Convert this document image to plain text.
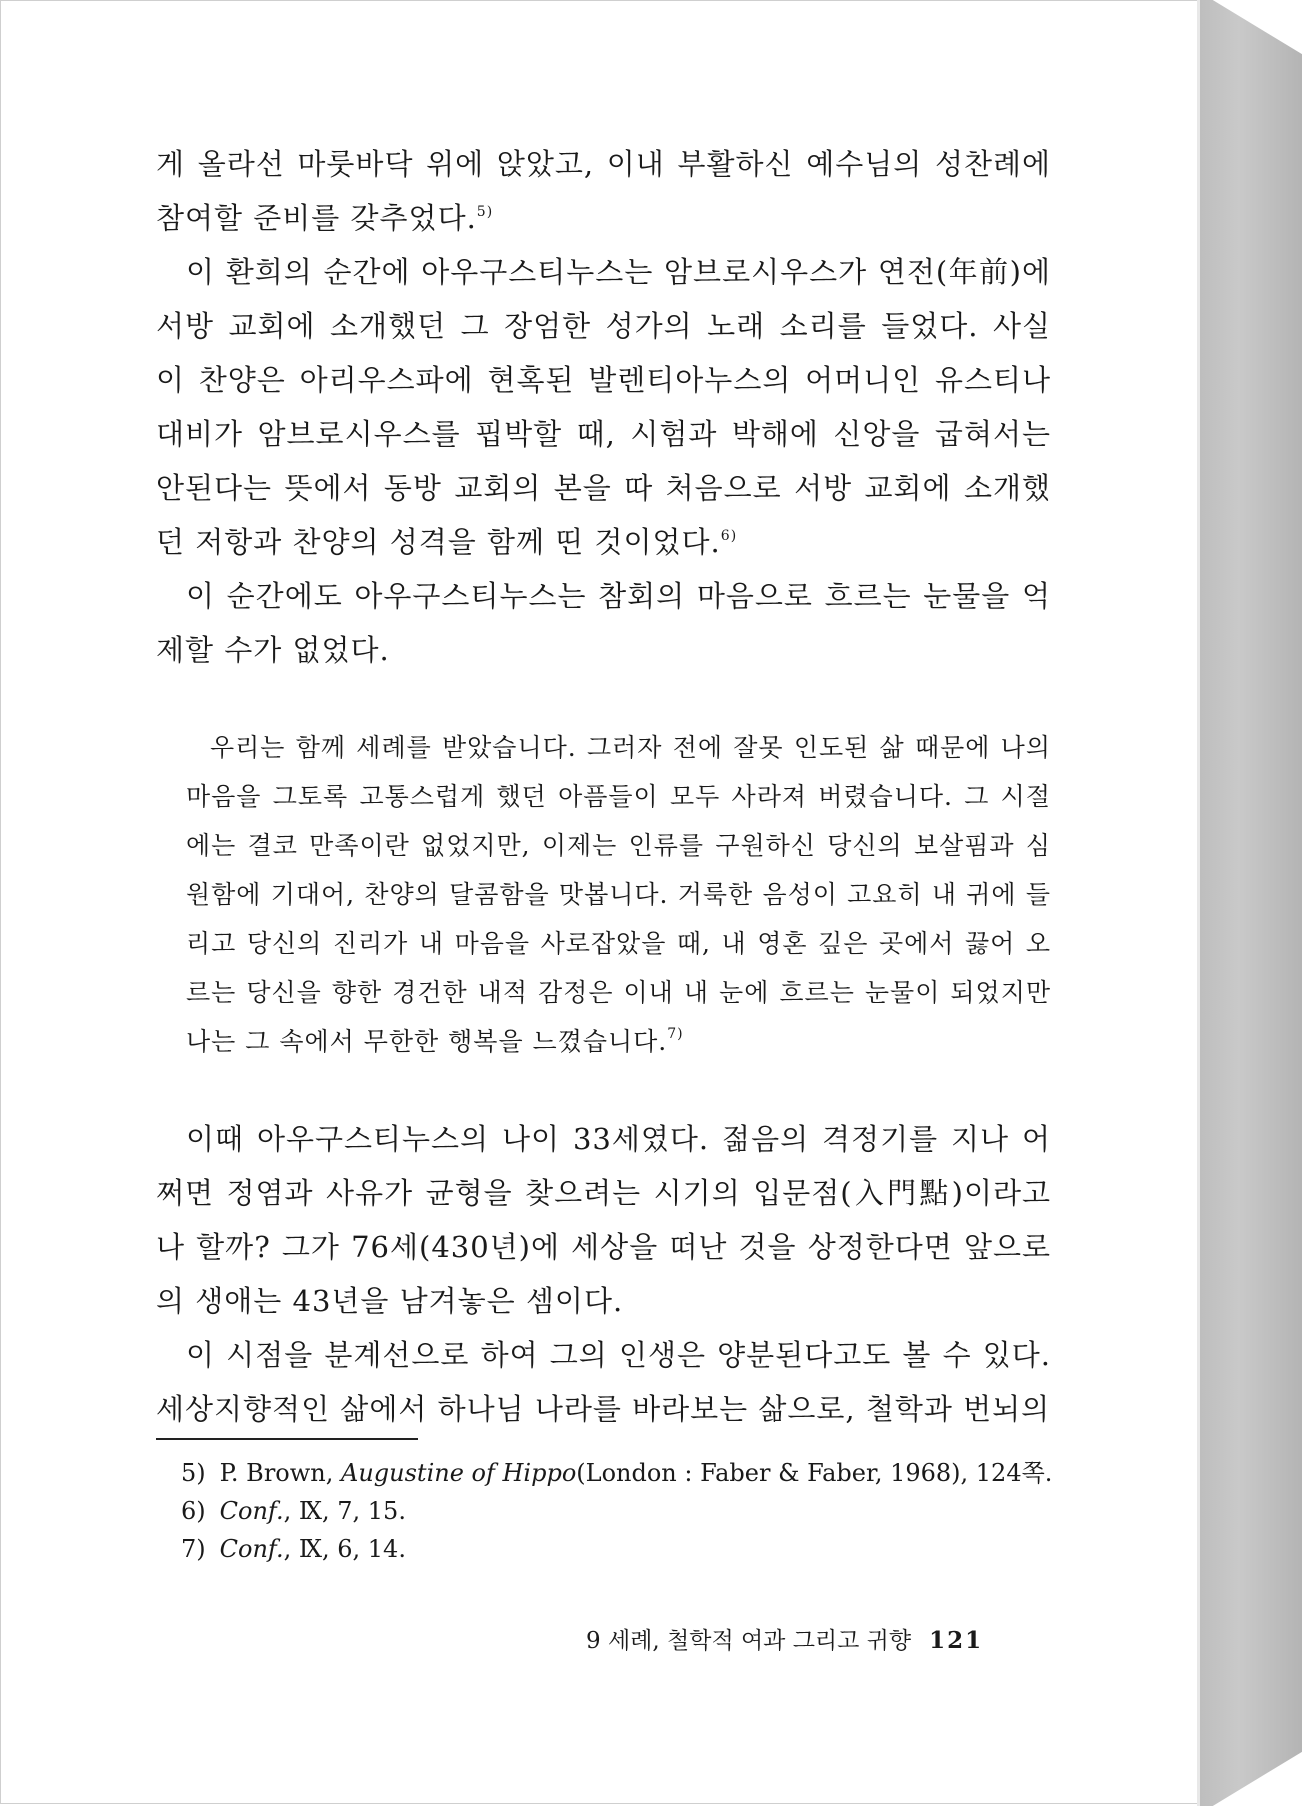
게 올라선 마룻바닥 위에 앉았고, 이내 부활하신 예수님의 성찬례에 참여할 준비를 갖추었다.$^{5)}$

이 환희의 순간에 아우구스티누스는 암브로시우스가 연전(年前)에 서방 교회에 소개했던 그 장엄한 성가의 노래 소리를 들었다. 사실 이 찬양은 아리우스파에 현혹된 발렌티아누스의 어머니인 유스티나 대비가 암브로시우스를 핍박할 때, 시험과 박해에 신앙을 굽혀서는 안된다는 뜻에서 동방 교회의 본을 따 처음으로 서방 교회에 소개했던 저항과 찬양의 성격을 함께 띤 것이었다.$^{6)}$

이 순간에도 아우구스티누스는 참회의 마음으로 흐르는 눈물을 억제할 수가 없었다.

우리는 함께 세례를 받았습니다. 그러자 전에 잘못 인도된 삶 때문에 나의 마음을 그토록 고통스럽게 했던 아픔들이 모두 사라져 버렸습니다. 그 시절에는 결코 만족이란 없었지만, 이제는 인류를 구원하신 당신의 보살핌과 심원함에 기대어, 찬양의 달콤함을 맛봅니다. 거룩한 음성이 고요히 내 귀에 들리고 당신의 진리가 내 마음을 사로잡았을 때, 내 영혼 깊은 곳에서 끓어 오르는 당신을 향한 경건한 내적 감정은 이내 내 눈에 흐르는 눈물이 되었지만 나는 그 속에서 무한한 행복을 느꼈습니다.$^{7)}$

이때 아우구스티누스의 나이 33세였다. 젊음의 격정기를 지나 어쩌면 정염과 사유가 균형을 찾으려는 시기의 입문점(入門點)이라고나 할까? 그가 76세(430년)에 세상을 떠난 것을 상정한다면 앞으로의 생애는 43년을 남겨놓은 셈이다.

이 시점을 분계선으로 하여 그의 인생은 양분된다고도 볼 수 있다. 세상지향적인 삶에서 하나님 나라를 바라보는 삶으로, 철학과 번뇌의

5) P. Brown, Augustine of Hippo(London : Faber & Faber, 1968), 124쪽.
6) Conf., Ⅸ, 7, 15.
7) Conf., Ⅸ, 6, 14.
9 세례, 철학적 여과 그리고 귀향 121
